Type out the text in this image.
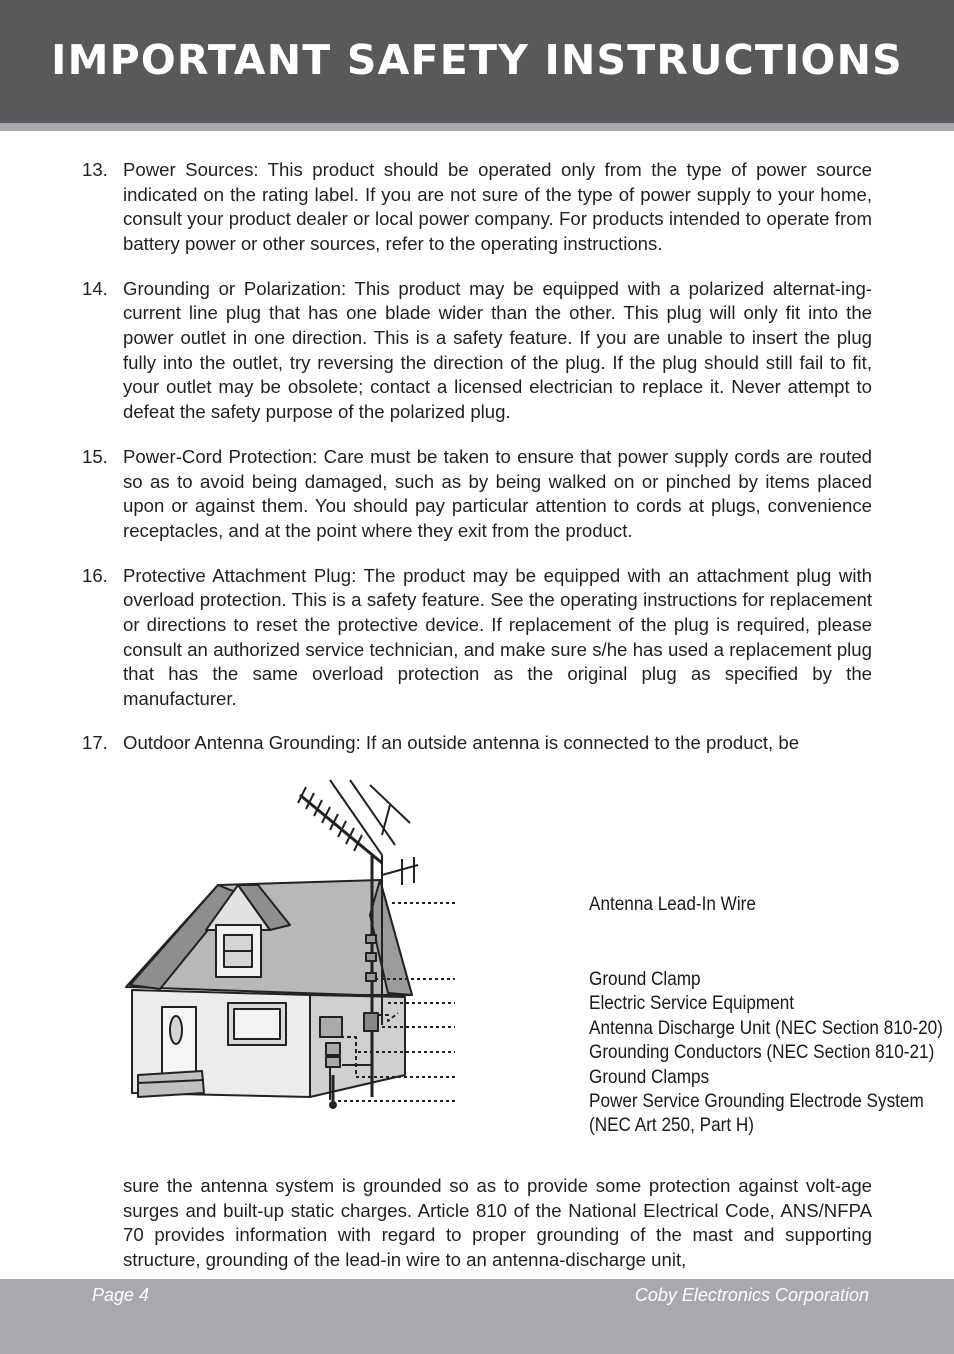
IMPORTANT SAFETY INSTRUCTIONS
13. Power Sources: This product should be operated only from the type of power source indicated on the rating label. If you are not sure of the type of power supply to your home, consult your product dealer or local power company. For products intended to operate from battery power or other sources, refer to the operating instructions.
14. Grounding or Polarization: This product may be equipped with a polarized alternat-ing-current line plug that has one blade wider than the other. This plug will only fit into the power outlet in one direction. This is a safety feature. If you are unable to insert the plug fully into the outlet, try reversing the direction of the plug. If the plug should still fail to fit, your outlet may be obsolete; contact a licensed electrician to replace it. Never attempt to defeat the safety purpose of the polarized plug.
15. Power-Cord Protection: Care must be taken to ensure that power supply cords are routed so as to avoid being damaged, such as by being walked on or pinched by items placed upon or against them. You should pay particular attention to cords at plugs, convenience receptacles, and at the point where they exit from the product.
16. Protective Attachment Plug: The product may be equipped with an attachment plug with overload protection. This is a safety feature. See the operating instructions for replacement or directions to reset the protective device. If replacement of the plug is required, please consult an authorized service technician, and make sure s/he has used a replacement plug that has the same overload protection as the original plug as specified by the manufacturer.
17. Outdoor Antenna Grounding: If an outside antenna is connected to the product, be
Antenna Lead-In Wire
Ground Clamp
Electric Service Equipment
Antenna Discharge Unit (NEC Section 810-20)
Grounding Conductors (NEC Section 810-21)
Ground Clamps
Power Service Grounding Electrode System
(NEC Art 250, Part H)
sure the antenna system is grounded so as to provide some protection against volt-age surges and built-up static charges. Article 810 of the National Electrical Code, ANS/NFPA 70 provides information with regard to proper grounding of the mast and supporting structure, grounding of the lead-in wire to an antenna-discharge unit,
Page 4	Coby Electronics Corporation
